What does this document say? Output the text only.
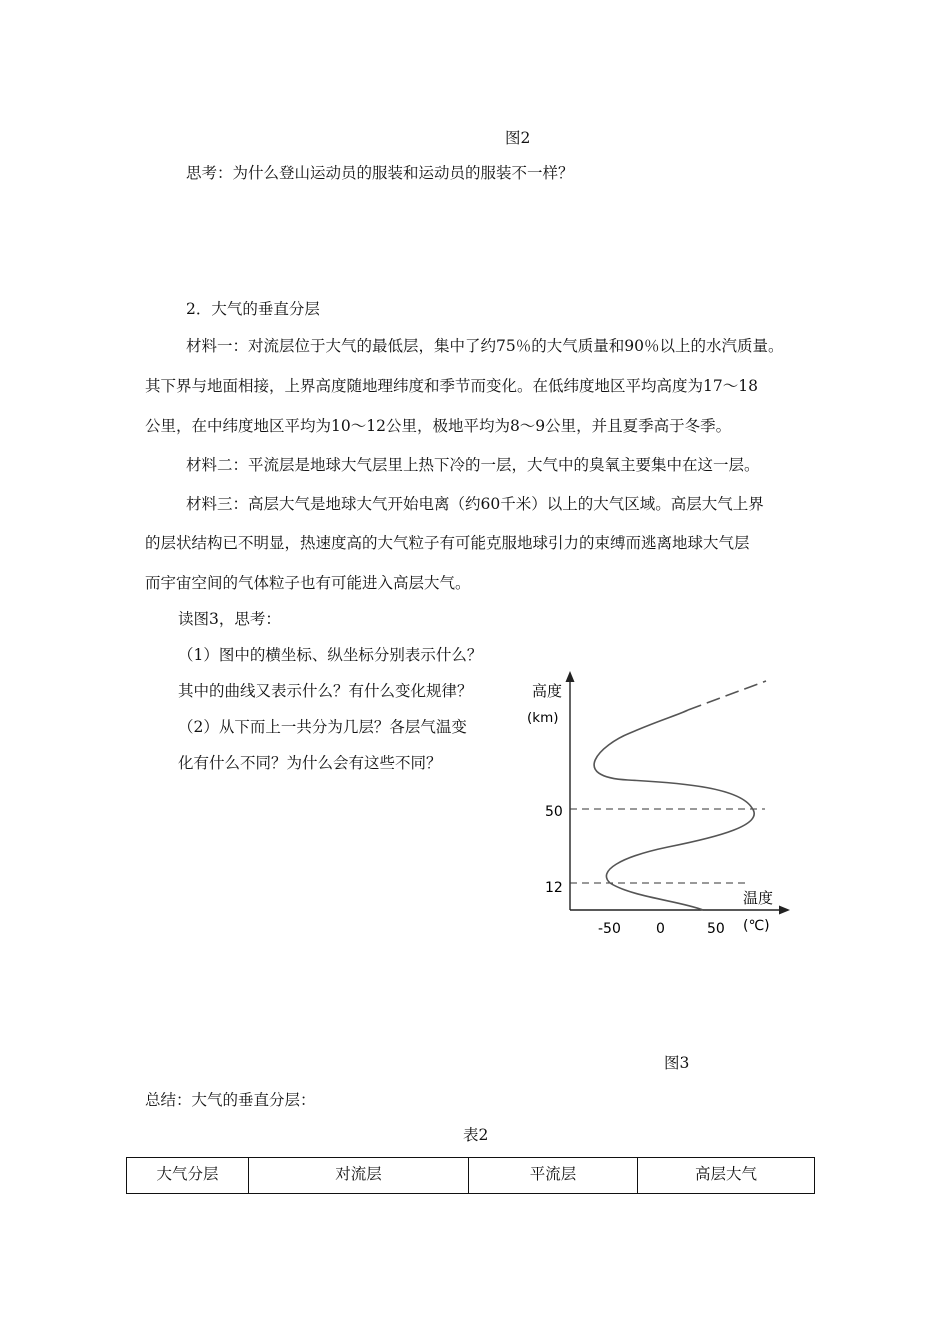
图2
思考：为什么登山运动员的服装和运动员的服装不一样？
2．大气的垂直分层
材料一：对流层位于大气的最低层，集中了约75％的大气质量和90％以上的水汽质量。
其下界与地面相接，上界高度随地理纬度和季节而变化。在低纬度地区平均高度为17～18
公里，在中纬度地区平均为10～12公里，极地平均为8～9公里，并且夏季高于冬季。
材料二：平流层是地球大气层里上热下冷的一层，大气中的臭氧主要集中在这一层。
材料三：高层大气是地球大气开始电离（约60千米）以上的大气区域。高层大气上界
的层状结构已不明显，热速度高的大气粒子有可能克服地球引力的束缚而逃离地球大气层
而宇宙空间的气体粒子也有可能进入高层大气。
读图3，思考：
（1）图中的横坐标、纵坐标分别表示什么？
其中的曲线又表示什么？有什么变化规律？
（2）从下而上一共分为几层？各层气温变
化有什么不同？为什么会有这些不同？
高度
(km)
50
12
温度
(℃)
-50	0	50
图3
总结：大气的垂直分层：
表2
大气分层	对流层	平流层	高层大气
